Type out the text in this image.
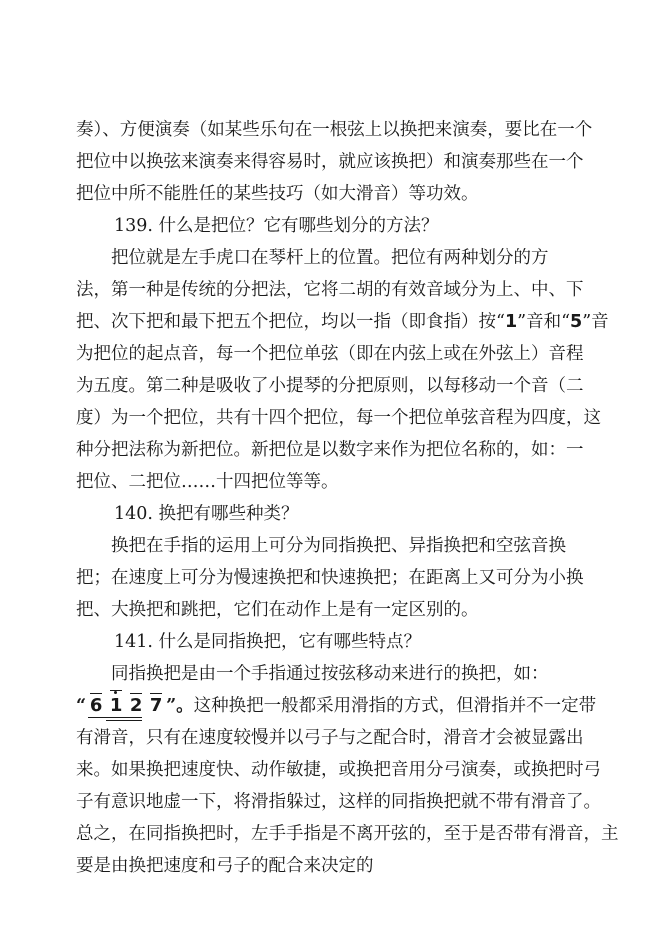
奏）、方便演奏（如某些乐句在一根弦上以换把来演奏，要比在一个
把位中以换弦来演奏来得容易时，就应该换把）和演奏那些在一个
把位中所不能胜任的某些技巧（如大滑音）等功效。
139. 什么是把位？它有哪些划分的方法？
把位就是左手虎口在琴杆上的位置。把位有两种划分的方
法，第一种是传统的分把法，它将二胡的有效音域分为上、中、下
把、次下把和最下把五个把位，均以一指（即食指）按“1”音和“5”音
为把位的起点音，每一个把位单弦（即在内弦上或在外弦上）音程
为五度。第二种是吸收了小提琴的分把原则，以每移动一个音（二
度）为一个把位，共有十四个把位，每一个把位单弦音程为四度，这
种分把法称为新把位。新把位是以数字来作为把位名称的，如：一
把位、二把位……十四把位等等。
140. 换把有哪些种类？
换把在手指的运用上可分为同指换把、异指换把和空弦音换
把；在速度上可分为慢速换把和快速换把；在距离上又可分为小换
把、大换把和跳把，它们在动作上是有一定区别的。
141. 什么是同指换把，它有哪些特点？
同指换把是由一个手指通过按弦移动来进行的换把，如：
“ 6 1 2 7 ”。 这种换把一般都采用滑指的方式，但滑指并不一定带
有滑音，只有在速度较慢并以弓子与之配合时，滑音才会被显露出
来。如果换把速度快、动作敏捷，或换把音用分弓演奏，或换把时弓
子有意识地虚一下，将滑指躲过，这样的同指换把就不带有滑音了。
总之，在同指换把时，左手手指是不离开弦的，至于是否带有滑音，主
要是由换把速度和弓子的配合来决定的
